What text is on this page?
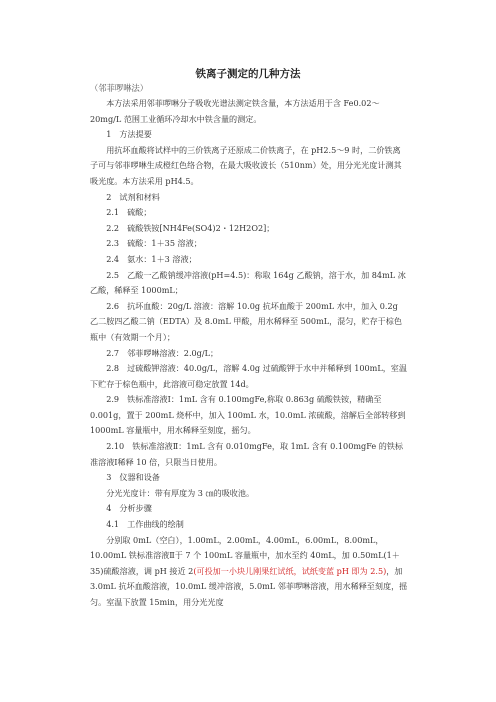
铁离子测定的几种方法
（邻菲啰啉法）

本方法采用邻菲啰啉分子吸收光谱法测定铁含量，本方法适用于含 Fe0.02～20mg/L 范围工业循环冷却水中铁含量的测定。

1　方法提要

用抗坏血酸将试样中的三价铁离子还原成二价铁离子，在 pH2.5～9 时，二价铁离子可与邻菲啰啉生成橙红色络合物，在最大吸收波长（510nm）处，用分光光度计测其吸光度。本方法采用 pH4.5。

2　试剂和材料

2.1　硫酸；

2.2　硫酸铁铵[NH4Fe(SO4)2・12H2O2]；

2.3　硫酸：1＋35 溶液；

2.4　氨水：1＋3 溶液；

2.5　乙酸一乙酸钠缓冲溶液(pH=4.5)：称取 164g 乙酸钠，溶于水，加 84mL 冰乙酸，稀释至 1000mL；

2.6　抗坏血酸：20g/L 溶液：溶解 10.0g 抗坏血酸于 200mL 水中，加入 0.2g 乙二胺四乙酸二钠（EDTA）及 8.0mL 甲酸，用水稀释至 500mL，混匀，贮存于棕色瓶中（有效期一个月）；

2.7　邻菲啰啉溶液：2.0g/L；

2.8　过硫酸钾溶液：40.0g/L，溶解 4.0g 过硫酸钾于水中并稀释到 100mL，室温下贮存于棕色瓶中，此溶液可稳定放置 14d。

2.9　铁标准溶液Ⅰ：1mL 含有 0.100mgFe,称取 0.863g 硫酸铁铵，精确至 0.001g，置于 200mL 烧杯中，加入 100mL 水，10.0mL 浓硫酸，溶解后全部转移到 1000mL 容量瓶中，用水稀释至刻度，摇匀。

2.10　铁标准溶液Ⅱ：1mL 含有 0.010mgFe，取 1mL 含有 0.100mgFe 的铁标准溶液Ⅰ稀释 10 倍，只限当日使用。

3　仪器和设备

分光光度计：带有厚度为 3 ㎝的吸收池。

4　分析步骤

4.1　工作曲线的绘制

分别取 0mL（空白），1.00mL，2.00mL，4.00mL，6.00mL，8.00mL，10.00mL 铁标准溶液Ⅱ于 7 个 100mL 容量瓶中，加水至约 40mL，加 0.50mL(1＋35)硫酸溶液，调 pH 接近 2(可投加一小块儿刚果红试纸，试纸变蓝 pH 即为 2.5)，加 3.0mL 抗坏血酸溶液，10.0mL 缓冲溶液，5.0mL 邻菲啰啉溶液，用水稀释至刻度，摇匀。室温下放置 15min，用分光光度
